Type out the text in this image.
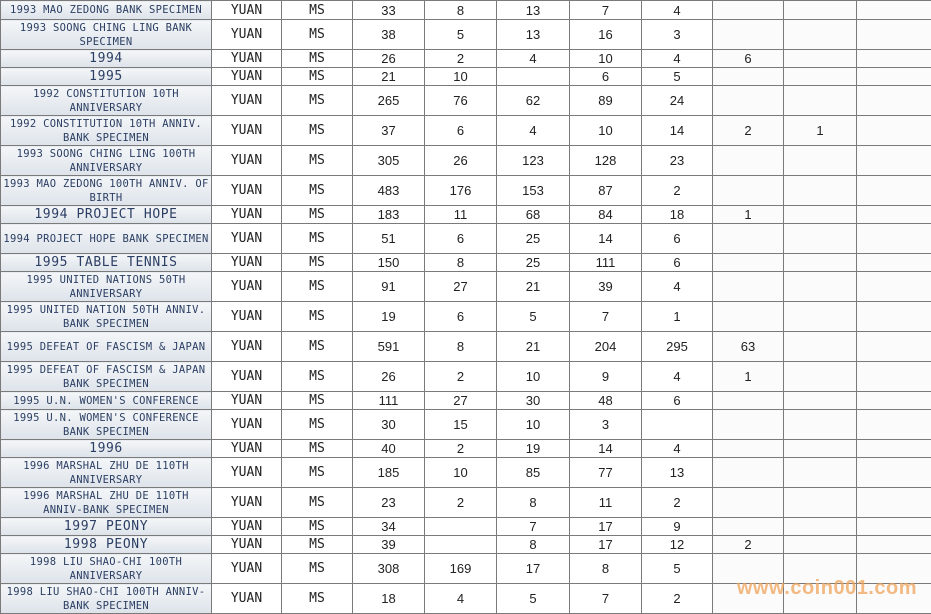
1993 MAO ZEDONG BANK SPECIMEN	YUAN	MS	33	8	13	7	4			
1993 SOONG CHING LING BANK SPECIMEN	YUAN	MS	38	5	13	16	3			
1994	YUAN	MS	26	2	4	10	4	6		
1995	YUAN	MS	21	10		6	5			
1992 CONSTITUTION 10TH ANNIVERSARY	YUAN	MS	265	76	62	89	24			
1992 CONSTITUTION 10TH ANNIV. BANK SPECIMEN	YUAN	MS	37	6	4	10	14	2	1	
1993 SOONG CHING LING 100TH ANNIVERSARY	YUAN	MS	305	26	123	128	23			
1993 MAO ZEDONG 100TH ANNIV. OF BIRTH	YUAN	MS	483	176	153	87	2			
1994 PROJECT HOPE	YUAN	MS	183	11	68	84	18	1		
1994 PROJECT HOPE BANK SPECIMEN	YUAN	MS	51	6	25	14	6			
1995 TABLE TENNIS	YUAN	MS	150	8	25	111	6			
1995 UNITED NATIONS 50TH ANNIVERSARY	YUAN	MS	91	27	21	39	4			
1995 UNITED NATION 50TH ANNIV. BANK SPECIMEN	YUAN	MS	19	6	5	7	1			
1995 DEFEAT OF FASCISM & JAPAN	YUAN	MS	591	8	21	204	295	63		
1995 DEFEAT OF FASCISM & JAPAN BANK SPECIMEN	YUAN	MS	26	2	10	9	4	1		
1995 U.N. WOMEN'S CONFERENCE	YUAN	MS	111	27	30	48	6			
1995 U.N. WOMEN'S CONFERENCE BANK SPECIMEN	YUAN	MS	30	15	10	3				
1996	YUAN	MS	40	2	19	14	4			
1996 MARSHAL ZHU DE 110TH ANNIVERSARY	YUAN	MS	185	10	85	77	13			
1996 MARSHAL ZHU DE 110TH ANNIV-BANK SPECIMEN	YUAN	MS	23	2	8	11	2			
1997 PEONY	YUAN	MS	34		7	17	9			
1998 PEONY	YUAN	MS	39		8	17	12	2		
1998 LIU SHAO-CHI 100TH ANNIVERSARY	YUAN	MS	308	169	17	8	5			
1998 LIU SHAO-CHI 100TH ANNIV-BANK SPECIMEN	YUAN	MS	18	4	5	7	2				www.coin001.com
